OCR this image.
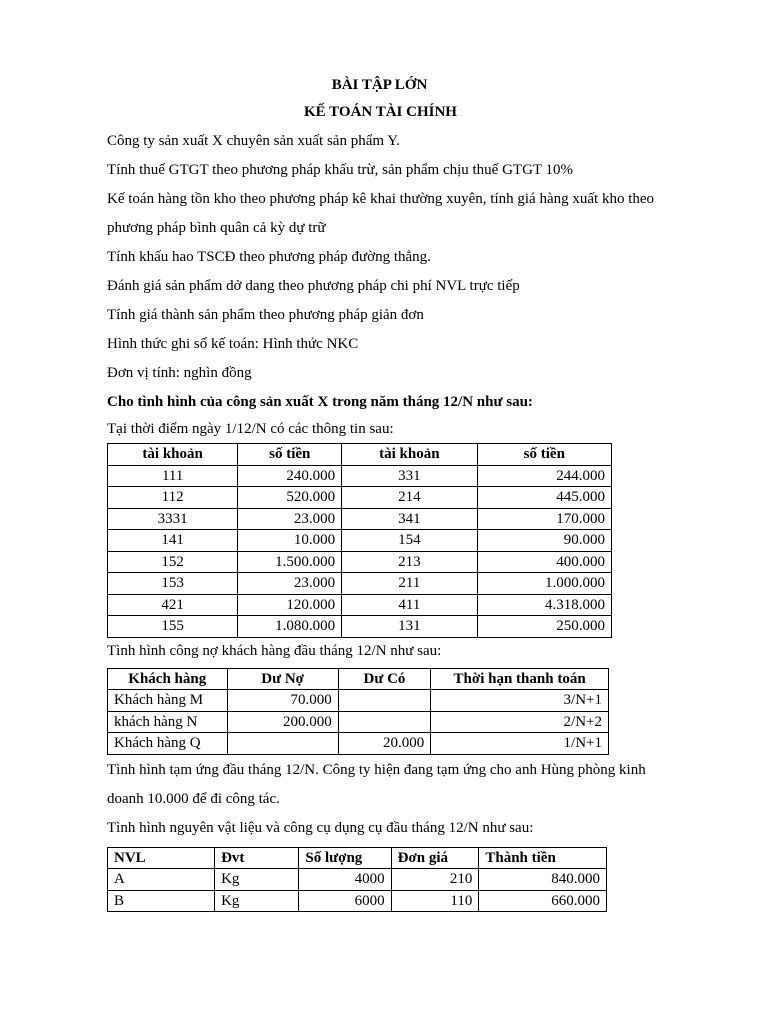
BÀI TẬP LỚN
KẾ TOÁN TÀI CHÍNH

Công ty sản xuất X chuyên sản xuất sản phẩm Y.

Tính thuế GTGT theo phương pháp khấu trừ, sản phẩm chịu thuế GTGT 10%

Kế toán hàng tồn kho theo phương pháp kê khai thường xuyên, tính giá hàng xuất kho theo

phương pháp bình quân cả kỳ dự trữ

Tính khấu hao TSCĐ theo phương pháp đường thẳng.

Đánh giá sản phẩm dở dang theo phương pháp chi phí NVL trực tiếp

Tính giá thành sản phẩm theo phương pháp giản đơn

Hình thức ghi sổ kế toán: Hình thức NKC

Đơn vị tính: nghìn đồng

Cho tình hình của công sản xuất X trong năm tháng 12/N như sau:

Tại thời điểm ngày 1/12/N có các thông tin sau:

tài khoản	số tiền	tài khoản	số tiền
111	240.000	331	244.000
112	520.000	214	445.000
3331	23.000	341	170.000
141	10.000	154	90.000
152	1.500.000	213	400.000
153	23.000	211	1.000.000
421	120.000	411	4.318.000
155	1.080.000	131	250.000

Tình hình công nợ khách hàng đầu tháng 12/N như sau:

Khách hàng	Dư Nợ	Dư Có	Thời hạn thanh toán
Khách hàng M	70.000		3/N+1
khách hàng N	200.000		2/N+2
Khách hàng Q		20.000	1/N+1

Tình hình tạm ứng đầu tháng 12/N. Công ty hiện đang tạm ứng cho anh Hùng phòng kinh

doanh 10.000 để đi công tác.

Tình hình nguyên vật liệu và công cụ dụng cụ đầu tháng 12/N như sau:

NVL	Đvt	Số lượng	Đơn giá	Thành tiền
A	Kg	4000	210	840.000
B	Kg	6000	110	660.000
